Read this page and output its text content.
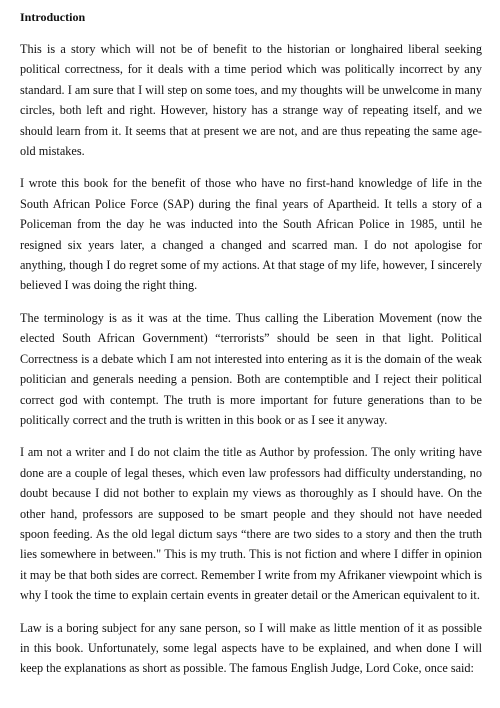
Introduction

This is a story which will not be of benefit to the historian or longhaired liberal seeking political correctness, for it deals with a time period which was politically incorrect by any standard. I am sure that I will step on some toes, and my thoughts will be unwelcome in many circles, both left and right. However, history has a strange way of repeating itself, and we should learn from it. It seems that at present we are not, and are thus repeating the same age-old mistakes.

I wrote this book for the benefit of those who have no first-hand knowledge of life in the South African Police Force (SAP) during the final years of Apartheid. It tells a story of a Policeman from the day he was inducted into the South African Police in 1985, until he resigned six years later, a changed a changed and scarred man. I do not apologise for anything, though I do regret some of my actions. At that stage of my life, however, I sincerely believed I was doing the right thing.

The terminology is as it was at the time. Thus calling the Liberation Movement (now the elected South African Government) “terrorists” should be seen in that light. Political Correctness is a debate which I am not interested into entering as it is the domain of the weak politician and generals needing a pension. Both are contemptible and I reject their political correct god with contempt. The truth is more important for future generations than to be politically correct and the truth is written in this book or as I see it anyway.

I am not a writer and I do not claim the title as Author by profession. The only writing have done are a couple of legal theses, which even law professors had difficulty understanding, no doubt because I did not bother to explain my views as thoroughly as I should have. On the other hand, professors are supposed to be smart people and they should not have needed spoon feeding. As the old legal dictum says “there are two sides to a story and then the truth lies somewhere in between." This is my truth. This is not fiction and where I differ in opinion it may be that both sides are correct. Remember I write from my Afrikaner viewpoint which is why I took the time to explain certain events in greater detail or the American equivalent to it.

Law is a boring subject for any sane person, so I will make as little mention of it as possible in this book. Unfortunately, some legal aspects have to be explained, and when done I will keep the explanations as short as possible. The famous English Judge, Lord Coke, once said:
